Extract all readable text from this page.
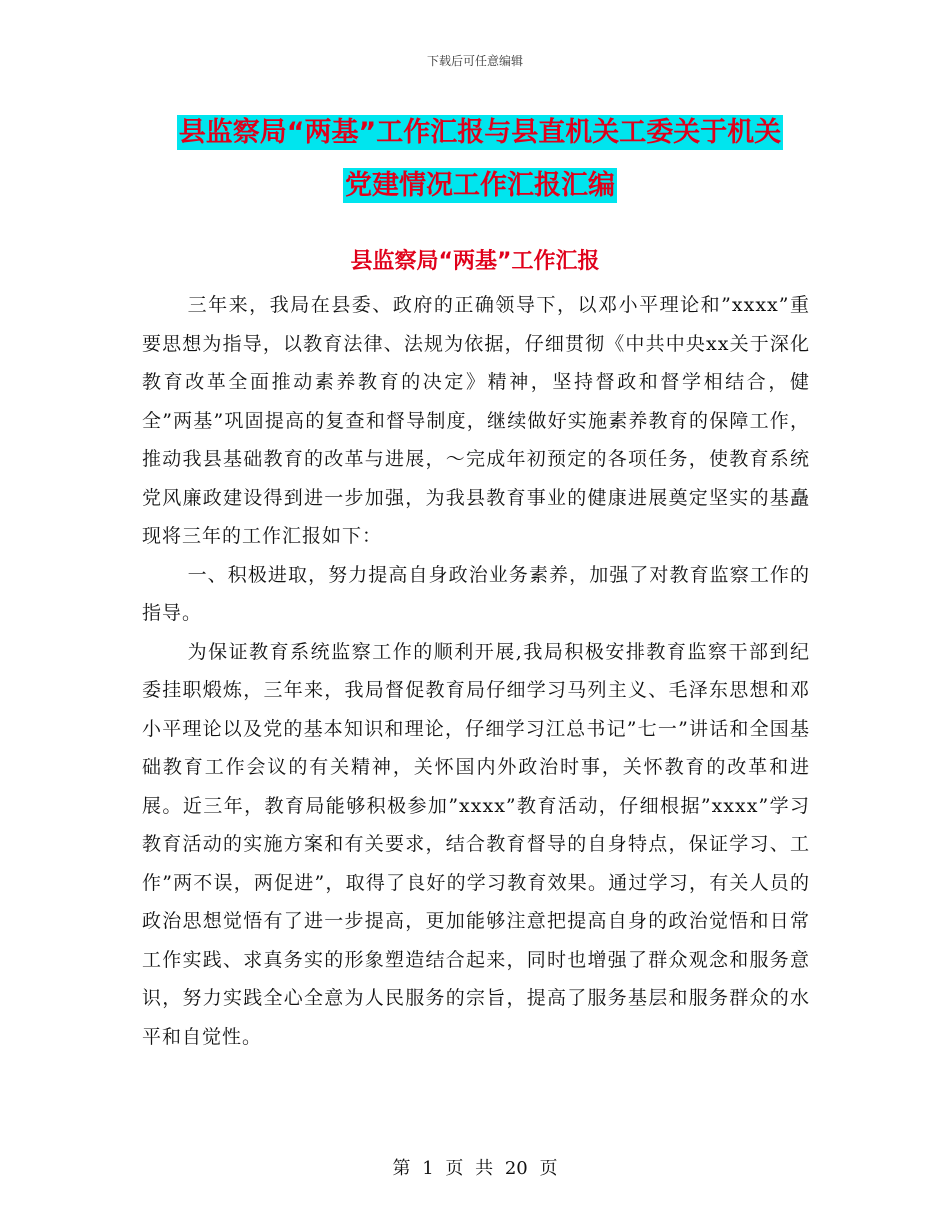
下载后可任意编辑
县监察局“两基”工作汇报与县直机关工委关于机关
党建情况工作汇报汇编
县监察局“两基”工作汇报

三年来，我局在县委、政府的正确领导下，以邓小平理论和”xxxx”重要思想为指导，以教育法律、法规为依据，仔细贯彻《中共中央xx关于深化教育改革全面推动素养教育的决定》精神，坚持督政和督学相结合，健全”两基”巩固提高的复查和督导制度，继续做好实施素养教育的保障工作，推动我县基础教育的改革与进展，～完成年初预定的各项任务，使教育系统党风廉政建设得到进一步加强，为我县教育事业的健康进展奠定坚实的基矗现将三年的工作汇报如下：

一、积极进取，努力提高自身政治业务素养，加强了对教育监察工作的指导。

为保证教育系统监察工作的顺利开展,我局积极安排教育监察干部到纪委挂职煅炼，三年来，我局督促教育局仔细学习马列主义、毛泽东思想和邓小平理论以及党的基本知识和理论，仔细学习江总书记”七一”讲话和全国基础教育工作会议的有关精神，关怀国内外政治时事，关怀教育的改革和进展。近三年，教育局能够积极参加”xxxx”教育活动，仔细根据”xxxx”学习教育活动的实施方案和有关要求，结合教育督导的自身特点，保证学习、工作”两不误，两促进”，取得了良好的学习教育效果。通过学习，有关人员的政治思想觉悟有了进一步提高，更加能够注意把提高自身的政治觉悟和日常工作实践、求真务实的形象塑造结合起来，同时也增强了群众观念和服务意识，努力实践全心全意为人民服务的宗旨，提高了服务基层和服务群众的水平和自觉性。

第 1 页 共 20 页
